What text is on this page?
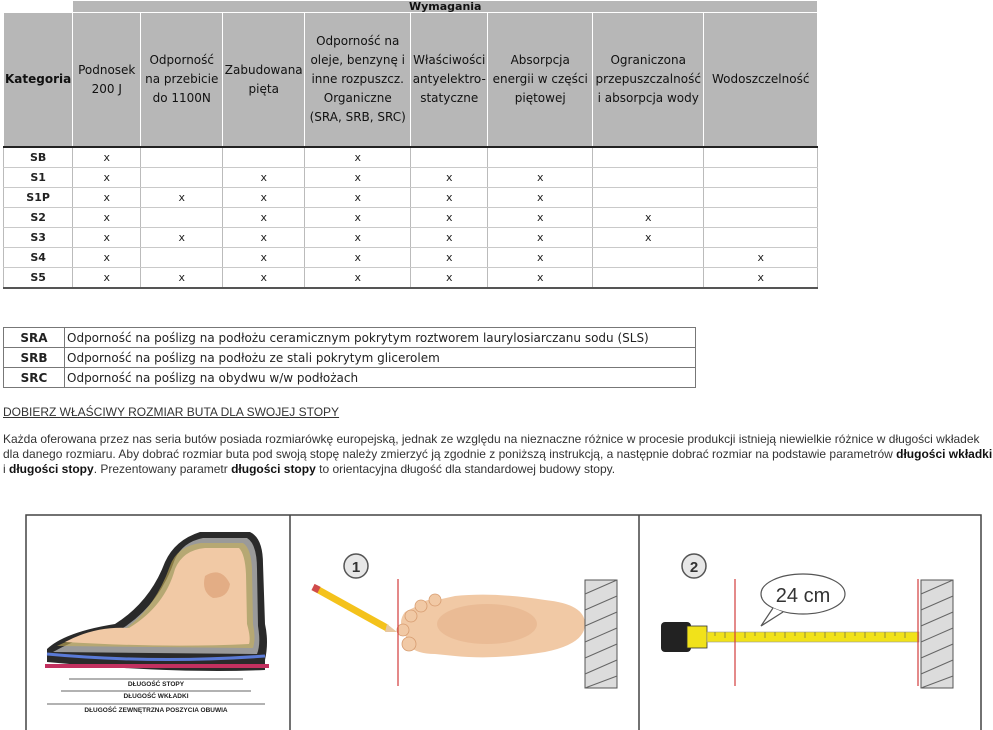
	Wymagania							

Kategoria	Podnosek 200 J	Odporność na przebicie do 1100N	Zabudowana pięta	Odporność na oleje, benzynę i inne rozpuszcz. Organiczne (SRA, SRB, SRC)	Właściwości antyelektro-statyczne	Absorpcja energii w części piętowej	Ograniczona przepuszczalność i absorpcja wody	Wodoszczelność
SB	x			x				
S1	x		x	x	x	x		
S1P	x	x	x	x	x	x		
S2	x		x	x	x	x	x	
S3	x	x	x	x	x	x	x	
S4	x		x	x	x	x		x
S5	x	x	x	x	x	x		x
SRA	Odporność na poślizg na podłożu ceramicznym pokrytym roztworem laurylosiarczanu sodu (SLS)
SRB	Odporność na poślizg na podłożu ze stali pokrytym glicerolem
SRC	Odporność na poślizg na obydwu w/w podłożach
DOBIERZ WŁAŚCIWY ROZMIAR BUTA DLA SWOJEJ STOPY
Każda oferowana przez nas seria butów posiada rozmiarówkę europejską, jednak ze względu na nieznaczne różnice w procesie produkcji istnieją niewielkie różnice w długości wkładek dla danego rozmiaru. Aby dobrać rozmiar buta pod swoją stopę należy zmierzyć ją zgodnie z poniższą instrukcją, a następnie dobrać rozmiar na podstawie parametrów długości wkładki i długości stopy. Prezentowany parametr długości stopy to orientacyjna długość dla standardowej budowy stopy.
DŁUGOŚĆ STOPY
DŁUGOŚĆ WKŁADKI
DŁUGOŚĆ ZEWNĘTRZNA POSZYCIA OBUWIA
1	2
24 cm
